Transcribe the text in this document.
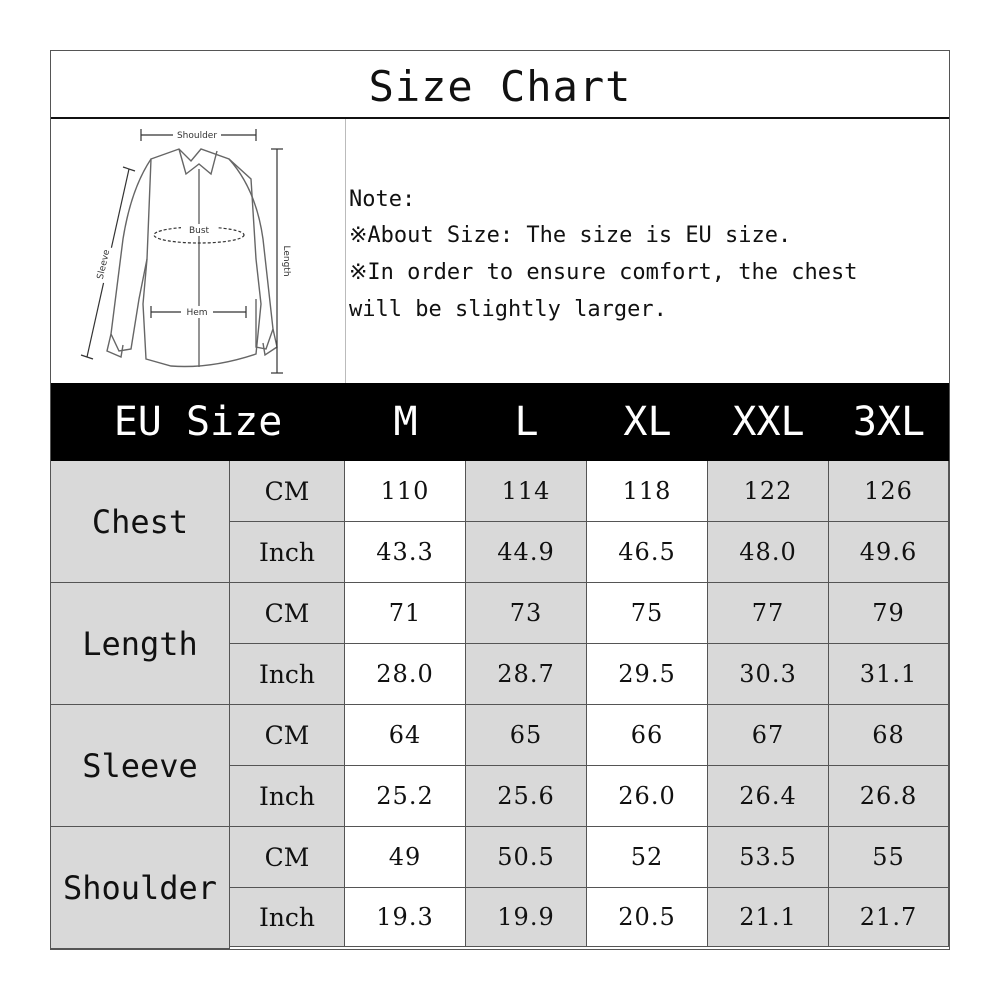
Size Chart
Shoulder
Bust
Hem
Length
Sleeve
Note:
※About Size: The size is EU size.
※In order to ensure comfort, the chest
will be slightly larger.
EU Size	M	L	XL	XXL	3XL
Chest
CM	110	114	118	122	126
Inch	43.3	44.9	46.5	48.0	49.6
Length
CM	71	73	75	77	79
Inch	28.0	28.7	29.5	30.3	31.1
Sleeve
CM	64	65	66	67	68
Inch	25.2	25.6	26.0	26.4	26.8
Shoulder
CM	49	50.5	52	53.5	55
Inch	19.3	19.9	20.5	21.1	21.7
